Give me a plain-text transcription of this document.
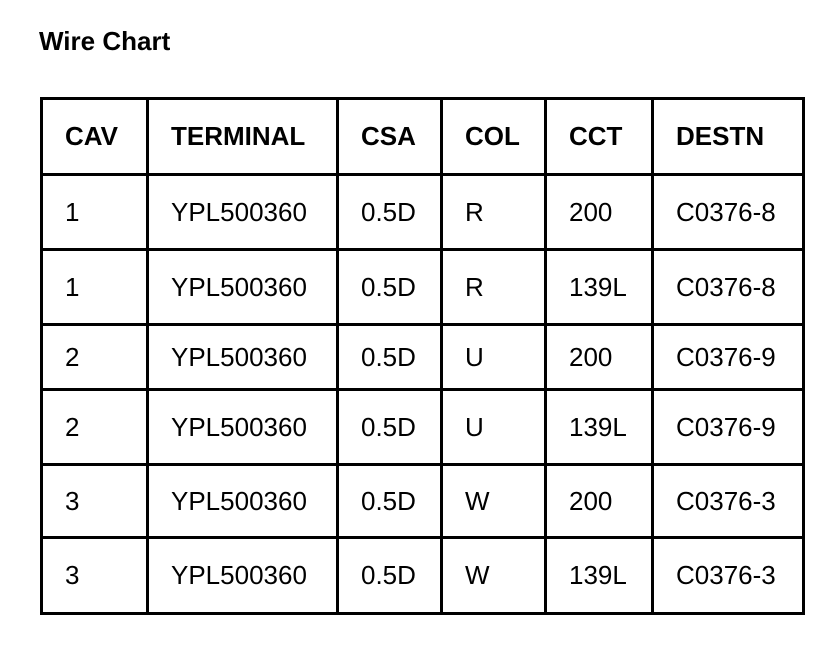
Wire Chart
CAV	TERMINAL	CSA	COL	CCT	DESTN
1	YPL500360	0.5D	R	200	C0376-8
1	YPL500360	0.5D	R	139L	C0376-8
2	YPL500360	0.5D	U	200	C0376-9
2	YPL500360	0.5D	U	139L	C0376-9
3	YPL500360	0.5D	W	200	C0376-3
3	YPL500360	0.5D	W	139L	C0376-3
